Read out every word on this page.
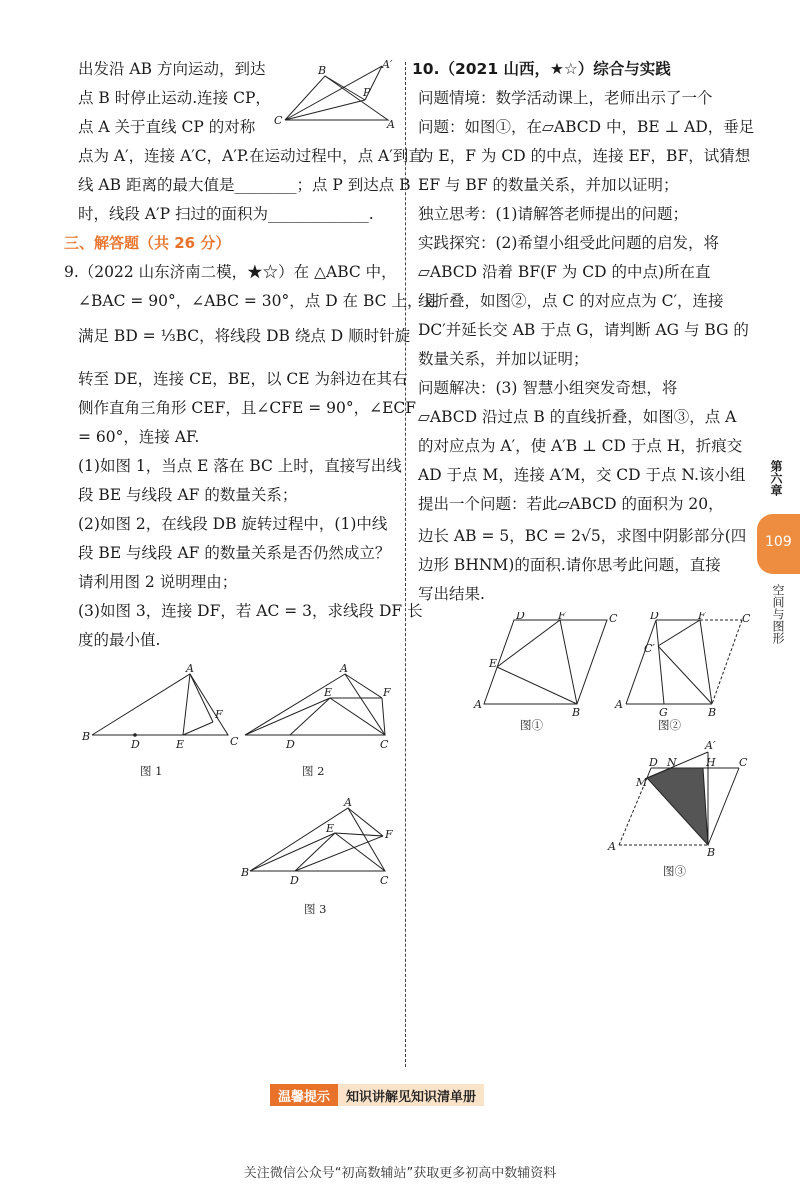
出发沿 AB 方向运动，到达
点 B 时停止运动.连接 CP，
点 A 关于直线 CP 的对称
点为 A′，连接 A′C，A′P.在运动过程中，点 A′到直
线 AB 距离的最大值是________；点 P 到达点 B
时，线段 A′P 扫过的面积为_____________.
三、解答题（共 26 分）
9.（2022 山东济南二模，★☆）在 △ABC 中，
∠BAC = 90°，∠ABC = 30°，点 D 在 BC 上，且
满足 BD = ⅓BC，将线段 DB 绕点 D 顺时针旋
转至 DE，连接 CE，BE，以 CE 为斜边在其右
侧作直角三角形 CEF，且∠CFE = 90°，∠ECF
= 60°，连接 AF.
(1)如图 1，当点 E 落在 BC 上时，直接写出线
段 BE 与线段 AF 的数量关系；
(2)如图 2，在线段 DB 旋转过程中，(1)中线
段 BE 与线段 AF 的数量关系是否仍然成立？
请利用图 2 说明理由；
(3)如图 3，连接 DF，若 AC = 3，求线段 DF 长
度的最小值.
B	A′
P
C	A
B
A
D	E
F
C
图 1
A
E	F
D	C
图 2
A
E	F
B
D	C
图 3
10.（2021 山西，★☆）综合与实践
问题情境：数学活动课上，老师出示了一个
问题：如图①，在▱ABCD 中，BE ⊥ AD，垂足
为 E，F 为 CD 的中点，连接 EF，BF，试猜想
EF 与 BF 的数量关系，并加以证明；
独立思考：(1)请解答老师提出的问题；
实践探究：(2)希望小组受此问题的启发，将
▱ABCD 沿着 BF(F 为 CD 的中点)所在直
线折叠，如图②，点 C 的对应点为 C′，连接
DC′并延长交 AB 于点 G，请判断 AG 与 BG 的
数量关系，并加以证明；
问题解决：(3) 智慧小组突发奇想，将
▱ABCD 沿过点 B 的直线折叠，如图③，点 A
的对应点为 A′，使 A′B ⊥ CD 于点 H，折痕交
AD 于点 M，连接 A′M，交 CD 于点 N.该小组
提出一个问题：若此▱ABCD 的面积为 20，
边长 AB = 5，BC = 2√5，求图中阴影部分(四
边形 BHNM)的面积.请你思考此问题，直接
写出结果.
D	F	C
E
A
B
图①
D	F	C
C′
A
G	B
图②
D N
A′
H C
M
A	B
图③
第六章
109
空间与图形
温馨提示	知识讲解见知识清单册
关注微信公众号“初高数辅站”获取更多初高中数辅资料
